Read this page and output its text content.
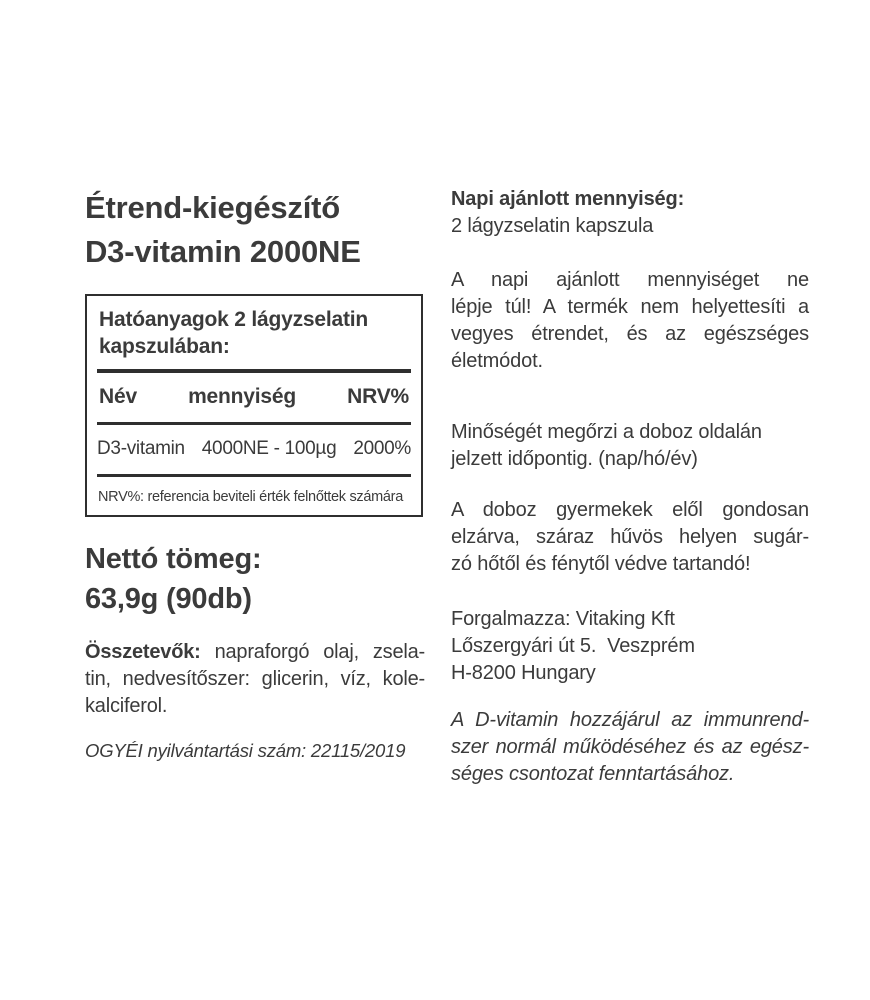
Étrend-kiegészítő
D3-vitamin 2000NE
Hatóanyagok 2 lágyzselatin
kapszulában:
Név mennyiség NRV%
D3-vitamin 4000NE - 100µg 2000%
NRV%: referencia beviteli érték felnőttek számára
Nettó tömeg:
63,9g (90db)
Összetevők: napraforgó olaj, zsela-
tin, nedvesítőszer: glicerin, víz, kole-
kalciferol.
OGYÉI nyilvántartási szám: 22115/2019
Napi ajánlott mennyiség:
2 lágyzselatin kapszula
A napi ajánlott mennyiséget ne
lépje túl! A termék nem helyettesíti a
vegyes étrendet, és az egészséges
életmódot.
Minőségét megőrzi a doboz oldalán
jelzett időpontig. (nap/hó/év)
A doboz gyermekek elől gondosan
elzárva, száraz hűvös helyen sugár-
zó hőtől és fénytől védve tartandó!
Forgalmazza: Vitaking Kft
Lőszergyári út 5.  Veszprém
H-8200 Hungary
A D-vitamin hozzájárul az immunrend-
szer normál működéséhez és az egész-
séges csontozat fenntartásához.
